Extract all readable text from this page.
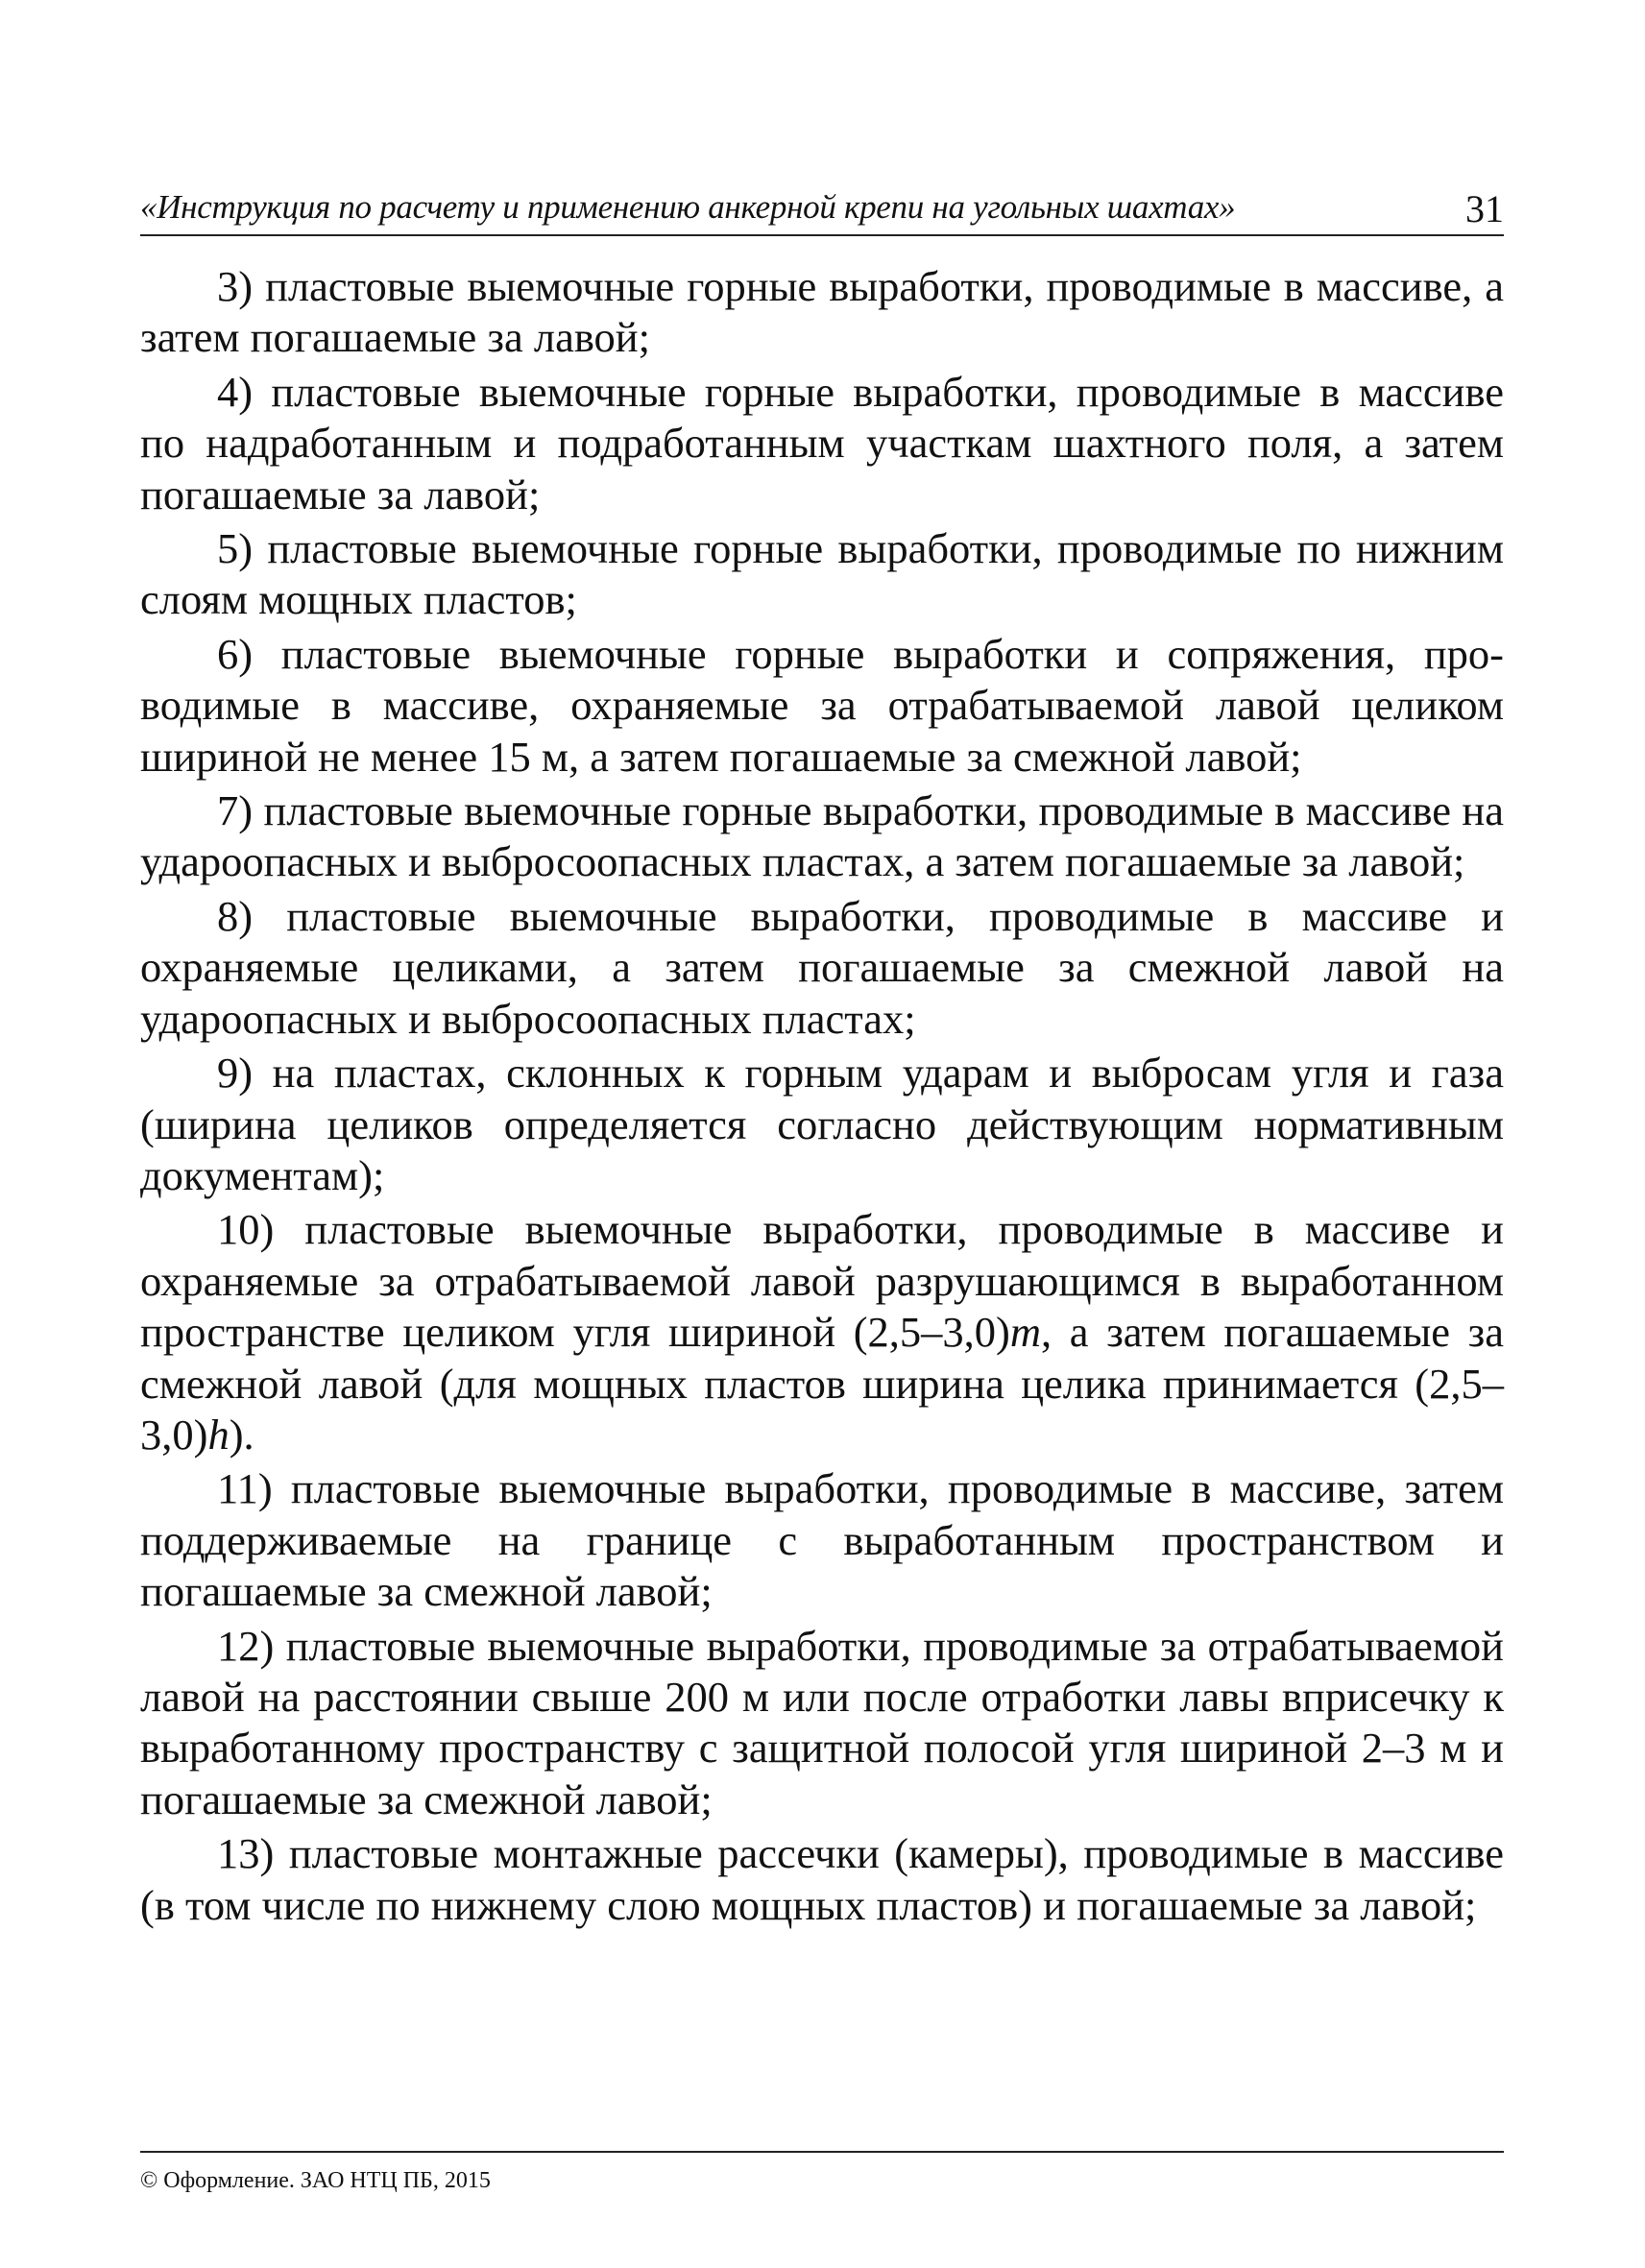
«Инструкция по расчету и применению анкерной крепи на угольных шахтах»	31

3) пластовые выемочные горные выработки, проводимые в массиве, а затем погашаемые за лавой;

4) пластовые выемочные горные выработки, проводимые в массиве по надработанным и подработанным участкам шахтного поля, а затем погашаемые за лавой;

5) пластовые выемочные горные выработки, проводимые по нижним слоям мощных пластов;

6) пластовые выемочные горные выработки и сопряжения, проводимые в массиве, охраняемые за отрабатываемой лавой целиком шириной не менее 15 м, а затем погашаемые за смежной лавой;

7) пластовые выемочные горные выработки, проводимые в массиве на удароопасных и выбросоопасных пластах, а затем погашаемые за лавой;

8) пластовые выемочные выработки, проводимые в массиве и охраняемые целиками, а затем погашаемые за смежной лавой на удароопасных и выбросоопасных пластах;

9) на пластах, склонных к горным ударам и выбросам угля и газа (ширина целиков определяется согласно действующим нормативным документам);

10) пластовые выемочные выработки, проводимые в массиве и охраняемые за отрабатываемой лавой разрушающимся в выработанном пространстве целиком угля шириной (2,5–3,0)m, а затем погашаемые за смежной лавой (для мощных пластов ширина целика принимается (2,5–3,0)h).

11) пластовые выемочные выработки, проводимые в массиве, затем поддерживаемые на границе с выработанным пространством и погашаемые за смежной лавой;

12) пластовые выемочные выработки, проводимые за отрабатываемой лавой на расстоянии свыше 200 м или после отработки лавы вприсечку к выработанному пространству с защитной полосой угля шириной 2–3 м и погашаемые за смежной лавой;

13) пластовые монтажные рассечки (камеры), проводимые в массиве (в том числе по нижнему слою мощных пластов) и погашаемые за лавой;

© Оформление. ЗАО НТЦ ПБ, 2015
